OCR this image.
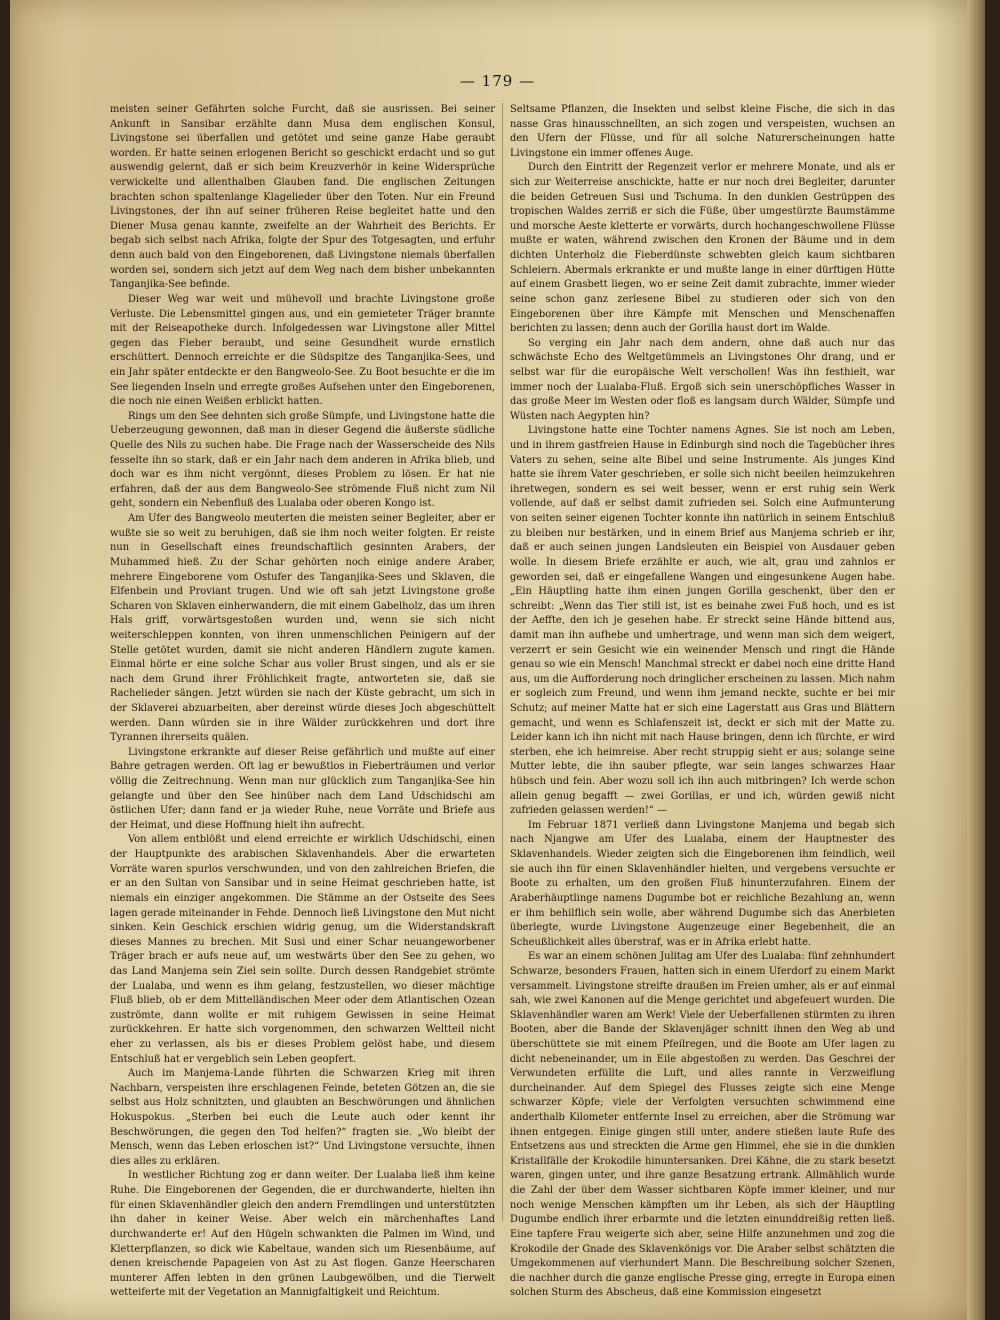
— 179 —

meisten seiner Gefährten solche Furcht, daß sie ausrissen. Bei seiner Ankunft in Sansibar erzählte dann Musa dem englischen Konsul, Livingstone sei überfallen und getötet und seine ganze Habe geraubt worden. Er hatte seinen erlogenen Bericht so geschickt erdacht und so gut auswendig gelernt, daß er sich beim Kreuzverhör in keine Widersprüche verwickelte und allenthalben Glauben fand. Die englischen Zeitungen brachten schon spaltenlange Klagelieder über den Toten. Nur ein Freund Livingstones, der ihn auf seiner früheren Reise begleitet hatte und den Diener Musa genau kannte, zweifelte an der Wahrheit des Berichts. Er begab sich selbst nach Afrika, folgte der Spur des Totgesagten, und erfuhr denn auch bald von den Eingeborenen, daß Livingstone niemals überfallen worden sei, sondern sich jetzt auf dem Weg nach dem bisher unbekannten Tanganjika-See befinde.

Dieser Weg war weit und mühevoll und brachte Livingstone große Verluste. Die Lebensmittel gingen aus, und ein gemieteter Träger brannte mit der Reiseapotheke durch. Infolgedessen war Livingstone aller Mittel gegen das Fieber beraubt, und seine Gesundheit wurde ernstlich erschüttert. Dennoch erreichte er die Südspitze des Tanganjika-Sees, und ein Jahr später entdeckte er den Bangweolo-See. Zu Boot besuchte er die im See liegenden Inseln und erregte großes Aufsehen unter den Eingeborenen, die noch nie einen Weißen erblickt hatten.

Rings um den See dehnten sich große Sümpfe, und Livingstone hatte die Ueberzeugung gewonnen, daß man in dieser Gegend die äußerste südliche Quelle des Nils zu suchen habe. Die Frage nach der Wasserscheide des Nils fesselte ihn so stark, daß er ein Jahr nach dem anderen in Afrika blieb, und doch war es ihm nicht vergönnt, dieses Problem zu lösen. Er hat nie erfahren, daß der aus dem Bangweolo-See strömende Fluß nicht zum Nil geht, sondern ein Nebenfluß des Lualaba oder oberen Kongo ist.

Am Ufer des Bangweolo meuterten die meisten seiner Begleiter, aber er wußte sie so weit zu beruhigen, daß sie ihm noch weiter folgten. Er reiste nun in Gesellschaft eines freundschaftlich gesinnten Arabers, der Muhammed hieß. Zu der Schar gehörten noch einige andere Araber, mehrere Eingeborene vom Ostufer des Tanganjika-Sees und Sklaven, die Elfenbein und Proviant trugen. Und wie oft sah jetzt Livingstone große Scharen von Sklaven einherwandern, die mit einem Gabelholz, das um ihren Hals griff, vorwärtsgestoßen wurden und, wenn sie sich nicht weiterschleppen konnten, von ihren unmenschlichen Peinigern auf der Stelle getötet wurden, damit sie nicht anderen Händlern zugute kamen. Einmal hörte er eine solche Schar aus voller Brust singen, und als er sie nach dem Grund ihrer Fröhlichkeit fragte, antworteten sie, daß sie Rachelieder sängen. Jetzt würden sie nach der Küste gebracht, um sich in der Sklaverei abzuarbeiten, aber dereinst würde dieses Joch abgeschüttelt werden. Dann würden sie in ihre Wälder zurückkehren und dort ihre Tyrannen ihrerseits quälen.

Livingstone erkrankte auf dieser Reise gefährlich und mußte auf einer Bahre getragen werden. Oft lag er bewußtlos in Fieberträumen und verlor völlig die Zeitrechnung. Wenn man nur glücklich zum Tanganjika-See hin gelangte und über den See hinüber nach dem Land Udschidschi am östlichen Ufer; dann fand er ja wieder Ruhe, neue Vorräte und Briefe aus der Heimat, und diese Hoffnung hielt ihn aufrecht.

Von allem entblößt und elend erreichte er wirklich Udschidschi, einen der Hauptpunkte des arabischen Sklavenhandels. Aber die erwarteten Vorräte waren spurlos verschwunden, und von den zahlreichen Briefen, die er an den Sultan von Sansibar und in seine Heimat geschrieben hatte, ist niemals ein einziger angekommen. Die Stämme an der Ostseite des Sees lagen gerade miteinander in Fehde. Dennoch ließ Livingstone den Mut nicht sinken. Kein Geschick erschien widrig genug, um die Widerstandskraft dieses Mannes zu brechen. Mit Susi und einer Schar neuangeworbener Träger brach er aufs neue auf, um westwärts über den See zu gehen, wo das Land Manjema sein Ziel sein sollte. Durch dessen Randgebiet strömte der Lualaba, und wenn es ihm gelang, festzustellen, wo dieser mächtige Fluß blieb, ob er dem Mittelländischen Meer oder dem Atlantischen Ozean zuströmte, dann wollte er mit ruhigem Gewissen in seine Heimat zurückkehren. Er hatte sich vorgenommen, den schwarzen Weltteil nicht eher zu verlassen, als bis er dieses Problem gelöst habe, und diesem Entschluß hat er vergeblich sein Leben geopfert.

Auch im Manjema-Lande führten die Schwarzen Krieg mit ihren Nachbarn, verspeisten ihre erschlagenen Feinde, beteten Götzen an, die sie selbst aus Holz schnitzten, und glaubten an Beschwörungen und ähnlichen Hokuspokus. „Sterben bei euch die Leute auch oder kennt ihr Beschwörungen, die gegen den Tod helfen?“ fragten sie. „Wo bleibt der Mensch, wenn das Leben erloschen ist?“ Und Livingstone versuchte, ihnen dies alles zu erklären.

In westlicher Richtung zog er dann weiter. Der Lualaba ließ ihm keine Ruhe. Die Eingeborenen der Gegenden, die er durchwanderte, hielten ihn für einen Sklavenhändler gleich den andern Fremdlingen und unterstützten ihn daher in keiner Weise. Aber welch ein märchenhaftes Land durchwanderte er! Auf den Hügeln schwankten die Palmen im Wind, und Kletterpflanzen, so dick wie Kabeltaue, wanden sich um Riesenbäume, auf denen kreischende Papageien von Ast zu Ast flogen. Ganze Heerscharen munterer Affen lebten in den grünen Laubgewölben, und die Tierwelt wetteiferte mit der Vegetation an Mannigfaltigkeit und Reichtum.

Seltsame Pflanzen, die Insekten und selbst kleine Fische, die sich in das nasse Gras hinausschnellten, an sich zogen und verspeisten, wuchsen an den Ufern der Flüsse, und für all solche Naturerscheinungen hatte Livingstone ein immer offenes Auge.

Durch den Eintritt der Regenzeit verlor er mehrere Monate, und als er sich zur Weiterreise anschickte, hatte er nur noch drei Begleiter, darunter die beiden Getreuen Susi und Tschuma. In den dunklen Gestrüppen des tropischen Waldes zerriß er sich die Füße, über umgestürzte Baumstämme und morsche Aeste kletterte er vorwärts, durch hochangeschwollene Flüsse mußte er waten, während zwischen den Kronen der Bäume und in dem dichten Unterholz die Fieberdünste schwebten gleich kaum sichtbaren Schleiern. Abermals erkrankte er und mußte lange in einer dürftigen Hütte auf einem Grasbett liegen, wo er seine Zeit damit zubrachte, immer wieder seine schon ganz zerlesene Bibel zu studieren oder sich von den Eingeborenen über ihre Kämpfe mit Menschen und Menschenaffen berichten zu lassen; denn auch der Gorilla haust dort im Walde.

So verging ein Jahr nach dem andern, ohne daß auch nur das schwächste Echo des Weltgetümmels an Livingstones Ohr drang, und er selbst war für die europäische Welt verschollen! Was ihn festhielt, war immer noch der Lualaba-Fluß. Ergoß sich sein unerschöpfliches Wasser in das große Meer im Westen oder floß es langsam durch Wälder, Sümpfe und Wüsten nach Aegypten hin?

Livingstone hatte eine Tochter namens Agnes. Sie ist noch am Leben, und in ihrem gastfreien Hause in Edinburgh sind noch die Tagebücher ihres Vaters zu sehen, seine alte Bibel und seine Instrumente. Als junges Kind hatte sie ihrem Vater geschrieben, er solle sich nicht beeilen heimzukehren ihretwegen, sondern es sei weit besser, wenn er erst ruhig sein Werk vollende, auf daß er selbst damit zufrieden sei. Solch eine Aufmunterung von seiten seiner eigenen Tochter konnte ihn natürlich in seinem Entschluß zu bleiben nur bestärken, und in einem Brief aus Manjema schrieb er ihr, daß er auch seinen jungen Landsleuten ein Beispiel von Ausdauer geben wolle. In diesem Briefe erzählte er auch, wie alt, grau und zahnlos er geworden sei, daß er eingefallene Wangen und eingesunkene Augen habe. „Ein Häuptling hatte ihm einen jungen Gorilla geschenkt, über den er schreibt: „Wenn das Tier still ist, ist es beinahe zwei Fuß hoch, und es ist der Aeffte, den ich je gesehen habe. Er streckt seine Hände bittend aus, damit man ihn aufhebe und umhertrage, und wenn man sich dem weigert, verzerrt er sein Gesicht wie ein weinender Mensch und ringt die Hände genau so wie ein Mensch! Manchmal streckt er dabei noch eine dritte Hand aus, um die Aufforderung noch dringlicher erscheinen zu lassen. Mich nahm er sogleich zum Freund, und wenn ihm jemand neckte, suchte er bei mir Schutz; auf meiner Matte hat er sich eine Lagerstatt aus Gras und Blättern gemacht, und wenn es Schlafenszeit ist, deckt er sich mit der Matte zu. Leider kann ich ihn nicht mit nach Hause bringen, denn ich fürchte, er wird sterben, ehe ich heimreise. Aber recht struppig sieht er aus; solange seine Mutter lebte, die ihn sauber pflegte, war sein langes schwarzes Haar hübsch und fein. Aber wozu soll ich ihn auch mitbringen? Ich werde schon allein genug begafft — zwei Gorillas, er und ich, würden gewiß nicht zufrieden gelassen werden!“ —

Im Februar 1871 verließ dann Livingstone Manjema und begab sich nach Njangwe am Ufer des Lualaba, einem der Hauptnester des Sklavenhandels. Wieder zeigten sich die Eingeborenen ihm feindlich, weil sie auch ihn für einen Sklavenhändler hielten, und vergebens versuchte er Boote zu erhalten, um den großen Fluß hinunterzufahren. Einem der Araberhäuptlinge namens Dugumbe bot er reichliche Bezahlung an, wenn er ihm behilflich sein wolle, aber während Dugumbe sich das Anerbieten überlegte, wurde Livingstone Augenzeuge einer Begebenheit, die an Scheußlichkeit alles überstraf, was er in Afrika erlebt hatte.

Es war an einem schönen Julitag am Ufer des Lualaba: fünf zehnhundert Schwarze, besonders Frauen, hatten sich in einem Uferdorf zu einem Markt versammelt. Livingstone streifte draußen im Freien umher, als er auf einmal sah, wie zwei Kanonen auf die Menge gerichtet und abgefeuert wurden. Die Sklavenhändler waren am Werk! Viele der Ueberfallenen stürmten zu ihren Booten, aber die Bande der Sklavenjäger schnitt ihnen den Weg ab und überschüttete sie mit einem Pfeilregen, und die Boote am Ufer lagen zu dicht nebeneinander, um in Eile abgestoßen zu werden. Das Geschrei der Verwundeten erfüllte die Luft, und alles rannte in Verzweiflung durcheinander. Auf dem Spiegel des Flusses zeigte sich eine Menge schwarzer Köpfe; viele der Verfolgten versuchten schwimmend eine anderthalb Kilometer entfernte Insel zu erreichen, aber die Strömung war ihnen entgegen. Einige gingen still unter, andere stießen laute Rufe des Entsetzens aus und streckten die Arme gen Himmel, ehe sie in die dunklen Kristallfälle der Krokodile hinuntersanken. Drei Kähne, die zu stark besetzt waren, gingen unter, und ihre ganze Besatzung ertrank. Allmählich wurde die Zahl der über dem Wasser sichtbaren Köpfe immer kleiner, und nur noch wenige Menschen kämpften um ihr Leben, als sich der Häuptling Dugumbe endlich ihrer erbarmte und die letzten einunddreißig retten ließ. Eine tapfere Frau weigerte sich aber, seine Hilfe anzunehmen und zog die Krokodile der Gnade des Sklavenkönigs vor. Die Araber selbst schätzten die Umgekommenen auf vierhundert Mann. Die Beschreibung solcher Szenen, die nachher durch die ganze englische Presse ging, erregte in Europa einen solchen Sturm des Abscheus, daß eine Kommission eingesetzt
